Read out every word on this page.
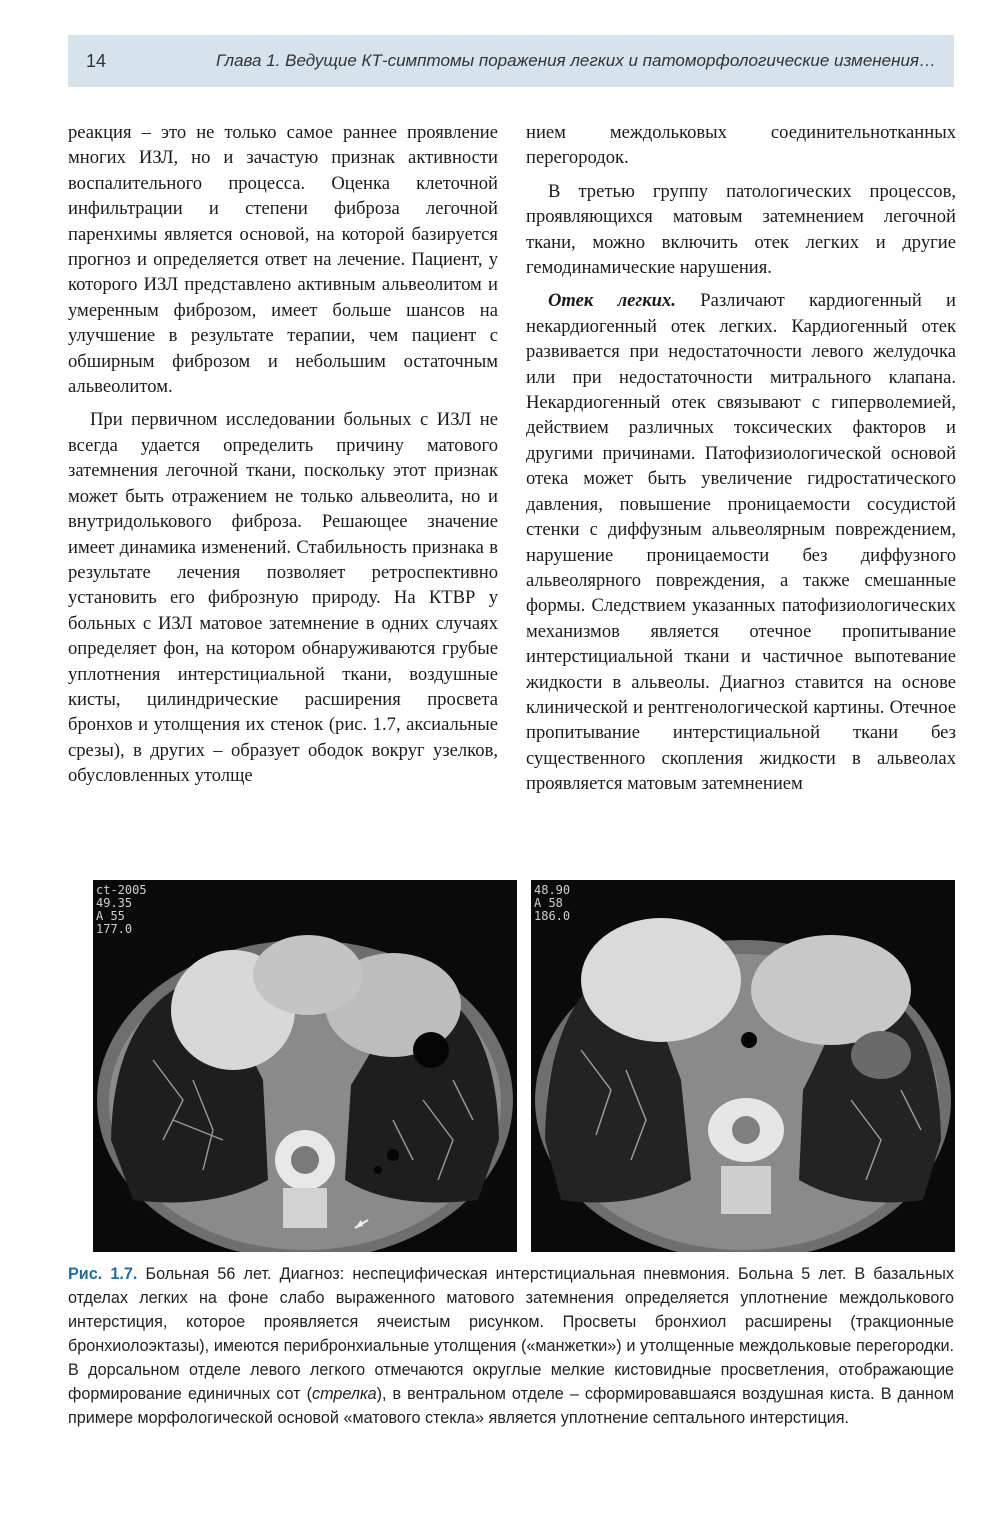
14	Глава 1. Ведущие КТ-симптомы поражения легких и патоморфологические изменения…

реакция – это не только самое раннее проявление многих ИЗЛ, но и зачастую признак активности воспалительного процесса. Оценка клеточной инфильтрации и степени фиброза легочной паренхимы является основой, на которой базируется прогноз и определяется ответ на лечение. Пациент, у которого ИЗЛ представлено активным альвеолитом и умеренным фиброзом, имеет больше шансов на улучшение в результате терапии, чем пациент с обширным фиброзом и небольшим остаточным альвеолитом.

При первичном исследовании больных с ИЗЛ не всегда удается определить причину матового затемнения легочной ткани, поскольку этот признак может быть отражением не только альвеолита, но и внутридолькового фиброза. Решающее значение имеет динамика изменений. Стабильность признака в результате лечения позволяет ретроспективно установить его фиброзную природу. На КТВР у больных с ИЗЛ матовое затемнение в одних случаях определяет фон, на котором обнаруживаются грубые уплотнения интерстициальной ткани, воздушные кисты, цилиндрические расширения просвета бронхов и утолщения их стенок (рис. 1.7, аксиальные срезы), в других – образует ободок вокруг узелков, обусловленных утолще

нием междольковых соединительнотканных перегородок.

В третью группу патологических процессов, проявляющихся матовым затемнением легочной ткани, можно включить отек легких и другие гемодинамические нарушения.

Отек легких. Различают кардиогенный и некардиогенный отек легких. Кардиогенный отек развивается при недостаточности левого желудочка или при недостаточности митрального клапана. Некардиогенный отек связывают с гиперволемией, действием различных токсических факторов и другими причинами. Патофизиологической основой отека может быть увеличение гидростатического давления, повышение проницаемости сосудистой стенки с диффузным альвеолярным повреждением, нарушение проницаемости без диффузного альвеолярного повреждения, а также смешанные формы. Следствием указанных патофизиологических механизмов является отечное пропитывание интерстициальной ткани и частичное выпотевание жидкости в альвеолы. Диагноз ставится на основе клинической и рентгенологической картины. Отечное пропитывание интерстициальной ткани без существенного скопления жидкости в альвеолах проявляется матовым затемнением

ct-2005
49.35
A 55
177.0
48.90
A 58
186.0
Рис. 1.7. Больная 56 лет. Диагноз: неспецифическая интерстициальная пневмония. Больна 5 лет. В базальных отделах легких на фоне слабо выраженного матового затемнения определяется уплотнение междолькового интерстиция, которое проявляется ячеистым рисунком. Просветы бронхиол расширены (тракционные бронхиолоэктазы), имеются перибронхиальные утолщения («манжетки») и утолщенные междольковые перегородки. В дорсальном отделе левого легкого отмечаются округлые мелкие кистовидные просветления, отображающие формирование единичных сот (стрелка), в вентральном отделе – сформировавшаяся воздушная киста. В данном примере морфологической основой «матового стекла» является уплотнение септального интерстиция.
